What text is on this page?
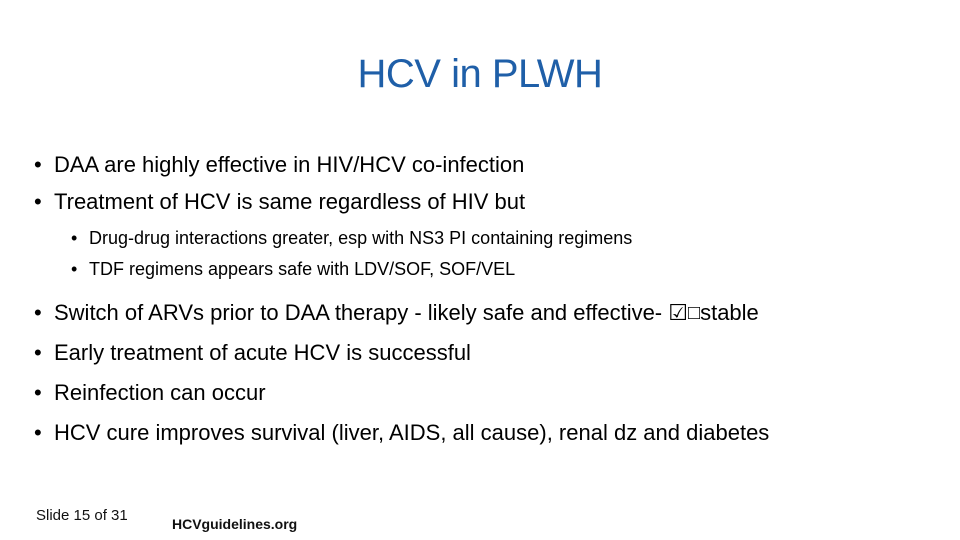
HCV in PLWH
• DAA are highly effective in HIV/HCV co-infection
• Treatment of HCV is same regardless of HIV but
• Drug-drug interactions greater, esp with NS3 PI containing regimens
• TDF regimens appears safe with LDV/SOF, SOF/VEL
• Switch of ARVs prior to DAA therapy - likely safe and effective- ☑□stable
• Early treatment of acute HCV is successful
• Reinfection can occur
• HCV cure improves survival (liver, AIDS, all cause), renal dz and diabetes
Slide 15 of 31	HCVguidelines.org
